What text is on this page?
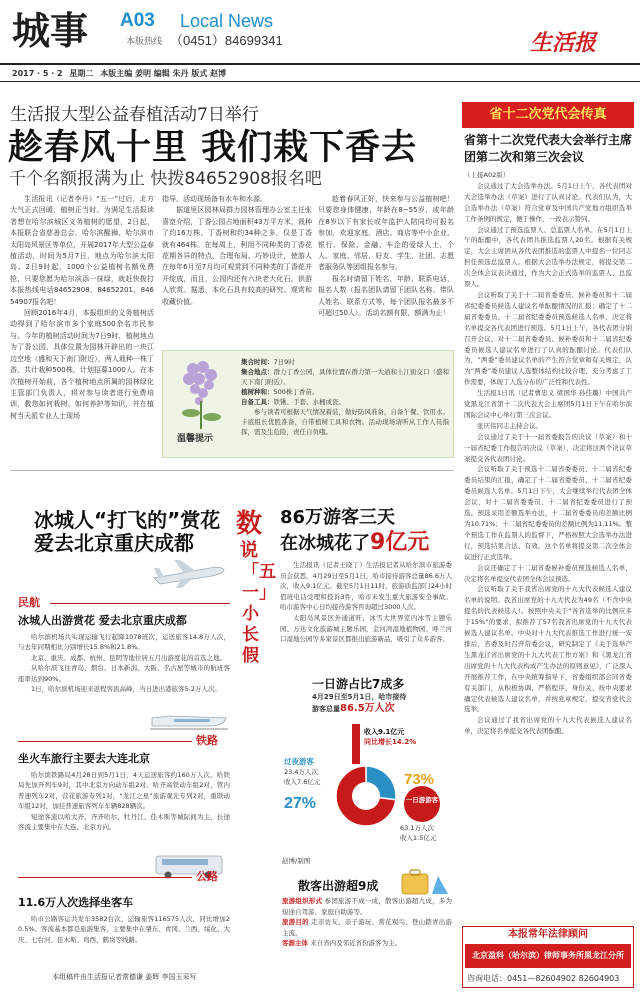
城事 A03 Local News
本版热线 （0451）84699341	生活报
2017 · 5 · 2 星期二 本版主编 姜明 编辑 朱丹 版式 赵博
生活报大型公益春植活动7日举行
趁春风十里 我们栽下香去
千个名额报满为止 快拨84652908报名吧

生活报讯（记者李丹）“五一”过后，北方大气正式回暖，植树正当时。为满足生活报读者想在哈尔滨城区义务植树的愿望，2日起，本报联合省慈善总会、哈尔滨醒狮、哈尔滨市太阳岛风景区等单位，开展2017年大型公益春植活动，时间为5月7日，地点为哈尔滨太阳岛。2日9时起，1000个公益植树名额免费抢，只要您愿为哈尔滨添一抹绿，就赶快拨打本报热线电话84652908、84652201、84654907报名吧！

回顾2016年4月，本报组织的义务植树活动得到了哈尔滨市多个家庭500余名市民参与。今年的植树活动时间为7日9时，植树地点为了香公园，具体位置为园林开辟出的一块江边空地（盛和天下南门附近），两人栽种一株丁香，共计栽种500株，计划招募1000人。在本次植树开始前，各个植树地点所属的园林绿化主管部门负责人，将对参与读者进行免费培训，教您如何栽树、如何养护等知识，并在植树当天派专业人士现场

指导，活动现场备有水车和水源。

据道里区园林局群力园林管理办公室主任张喜宽介绍，丁香公园占地面积43万平方米，栽种了约16万株、丁香树和约34种之多，仅是丁香就有464株。在每周上，利用不同种类的丁香花花期各异的特点，合理布局、巧妙设计，使游人在每年6月至7月均可观赏到不同种类的丁香花并开绽放，而且，公园内还有六块老大化石，供游人欣赏。据悉，本化石具有较高的研究、观赏和收藏价值。

趁着春风正好，快来参与公益植树吧！只要您身体健康，年龄在8~55岁，或年龄在8岁以下有家长或年监护人陪同均可报名参加，欢迎家庭、酒店、商店等中小企业、银行、保险、金融、车企的爱绿人士、个人、家庭、邻居、好友、学生、社团、志愿者服务队等团组报名参与。

报名时请留下姓名、年龄、联系电话，报名人数（报名团队请留下团队名称、带队人姓名、联系方式等，每个团队报名最多不可超过50人）。活动名额有限，额满为止！

温馨提示
集合时间：7日9时
集合地点：群力丁香公园，具体位置在群力第一大道和上江街交口（盛和天下南门附近）。
植树种和：500株丁香苗。
自备工具：铁锹、手套、水桶或瓷。
参与读者可根据天气情况着装，做好防风准备，自备午餐、饮用水。卡底组长优胜准备，自带植树工具和衣物。活动现场请听从工作人员指挥，需及生危险，责任自负哦。
省十二次党代会传真
省第十二次党代表大会举行主席团第二次和第三次会议

（上接A02版）

会议通过了大会选举办法。5月1日上午，各代表团对大会选举办法（草案）进行了认真讨论。代表们认为，大会选举办法（草案）符合党章及中国共产党地方组织选举工作条例的规定，便于操作，一致表示赞同。

会议通过了预选监票人、总监票人名单。在5月1日上午的酝酿中，各代表团共推选监票人20名。根据有关规定，大会主席团从各代表团推选的监票人中提名一位同志担任预选总监票人。根据大会选举办法规定，将提交第二次全体会议表决通过，作为大会正式选举的监票人、总监票人。

会议听取了关于十二届省委委员、候补委员和十二届省纪委委员候选人建议名单酝酿情况的汇报；确定了十二届省委委员、十二届省纪委委员预选候选人名单，决定将名单提交各代表团进行预选。5月1日上午，各代表团分别召开会议，对十二届省委委员、候补委员和十二届省纪委委员候选人建议名单进行了认真的酝酿讨论。代表们认为，“两委”委员建议名单的产生符合党章和有关规定，认为“两委”委员建议人选整体结构比较合理，充分考虑了工作需要，体现了人选分布的广泛性和代表性。

生活报1日讯（记者曹忠义 梁国华 孙佳璐）中国共产党黑龙江省第十二次代表大会主席团5月1日下午在哈尔滨国际会议中心举行第三次会议。

张庆伟同志主持会议。

会议通过了关于十一届省委报告的决议（草案）和十一届省纪委工作报告的决议（草案），决定将这两个决议草案提交各代表团讨论。

会议听取了关于预选十二届省委委员、十二届省纪委委员结果的汇报，确定了十二届省委委员、十二届省纪委委员候选人名单。5月1日下午，大会继续举行代表团全体会议，对十二届省委委员、十二届省纪委委员进行了预选。预选采用差额选举办法，十二届省委委员的差额比例为10.71%；十二届省纪委委员的差额比例为11.11%。整个预选工作在监票人的监督下，严格按照大会选举办法进行，预选结果合法、有效。这个名单将提交第二次全体会议进行正式选举。

会议还确定了十二届省委候补委员预选候选人名单，决定将名单提交代表团全体会议预选。

会议听取了关于我省出席党的十九大代表候选人建议名单的说明。我省出席党的十九大代表为49名（不含中央提名的代表候选人）。按照中央关于“各省选举的比例应多于15%”的要求，拟推荐了57名我省出席党的十九大代表候选人建议名单。中央对十九大代表推选工作进行统一安排后，省委及时召开常委会议，研究制定了《关于选举产生黑龙江省出席党的十九大代表工作方案》和《黑龙江省出席党的十九大代表构成产生办法的原则意见》，广泛深入开展推荐工作，在中央统筹指导下，省委组织部会同省委有关部门，从积极协调、严格程序、身份关、按中央要求确定代表候选人建议名单，并按党章规定，提交省党代会选举。

会议通过了我省出席党的十九大代表候选人建议名单，决定将名单提交各代表团酝酿。

本报常年法律顾问
北京盈科（哈尔滨）律师事务所黑龙江分所
咨询电话：0451—82604902 82604903
冰城人“打飞的”赏花
爱去北京重庆成都
民航
冰城人出游赏花 爱去北京重庆成都

哈尔滨机场共实现运输飞行起降1078班次，运送旅客14.8万人次，与去年同期相比分别增长15.8%和21.8%。

北京、重庆、成都、杭州、昆明等地位居五月出游度花的首选之地。

从哈尔滨飞往青岛、烟台、日本新潟、大阪、名古屋等城市的航班客座率达到90%。

1日，哈尔滨机场迎来返程客流高峰，当日进出港旅客5.2万人次。

铁路
坐火车旅行主要去大连北京

哈尔滨铁路局4月28日到5月1日，4天运送旅客约160万人次。哈铁局先加开列车9对，其中北京方向动车组2对、哈齐高铁动车组2对，管内普速列车2对，营花旅游专列1对，“龙江之星”旅游观光专列2对，重联动车组12对，加挂普速旅客列车车辆828辆次。

短途客流以哈大齐、齐齐哈尔、牡丹江、佳木斯等城际间为主，长途客流主要集中在大连、北京方向。

公路
11.6万人次选择坐客车

哈市公路客运共发车3582台次，运输旅客116575人次，同比增加20.5%。客流基本都是旅游集客，主要集中在肇东、青冈、兰西、绥化、大庆、七台河、佳木斯、鸡西、鹤岗等线路。

本组稿件由生活报记者常德谦 姜辉 李国玉采写
数
说
「五一」小长假
86万游客三天
在冰城花了9亿元

生活报讯（记者王晓丁）生活报记者从哈尔滨市旅游委员会获悉，4月29日至5月1日，哈市接待游客总量86.6万人次，收入9.1亿元。截至5月1日11时，旅游质监部门24小时值班电话受理和投诉3件，哈市未发生重大旅游安全事故。哈市游客中心日均接待游客咨询超过3000人次。

太阳岛风景区外通道旺，冰雪大世界室内冰雪主题乐园、万达文化旅游城主题乐园，金河湾湿地植物园、呼兰河口湿地公园等多家景区都推出旅游新品，吸引了众多游客。

一日游占比7成多
4月29日至5月1日，哈市接待
游客总量86.5万人次
收入9.1亿元
同比增长14.2%
过夜游客
23.4万人次
收入7.6亿元
27%	一日游游客
73%
63.1万人次
收入1.5亿元
赵博/制图
散客出游超9成

旅游组织形式 参团旅游不成一成，散客出游超九成，多为短途自驾游、家庭自助游等。

旅游目的 走亲访友、亲子游玩、赏花观鸟、登山踏青出游主流。

客源主体 来自省内及邻近省份游客为主。
